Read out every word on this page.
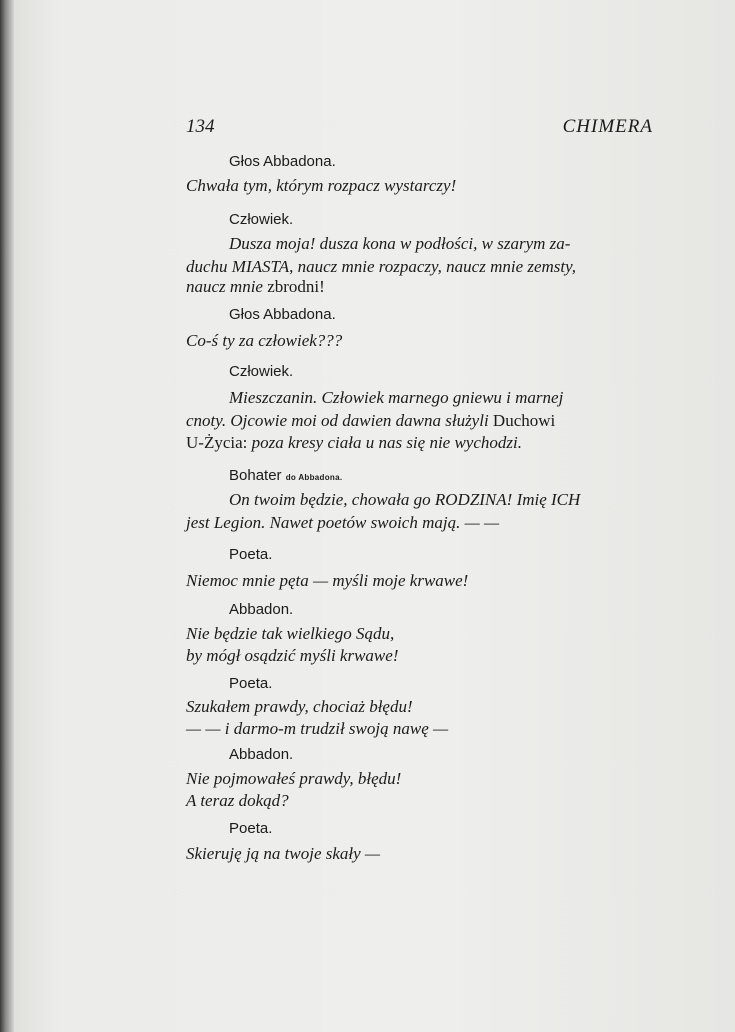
134	CHIMERA
Głos Abbadona.
Chwała tym, którym rozpacz wystarczy!
Człowiek.
Dusza moja! dusza kona w podłości, w szarym za-
duchu MIASTA, naucz mnie rozpaczy, naucz mnie zemsty,
naucz mnie zbrodni!
Głos Abbadona.
Co-ś ty za człowiek???
Człowiek.
Mieszczanin. Człowiek marnego gniewu i marnej
cnoty. Ojcowie moi od dawien dawna służyli Duchowi
U-Życia: poza kresy ciała u nas się nie wychodzi.
Bohater do Abbadona.
On twoim będzie, chowała go RODZINA! Imię ICH
jest Legion. Nawet poetów swoich mają. — —
Poeta.
Niemoc mnie pęta — myśli moje krwawe!
Abbadon.
Nie będzie tak wielkiego Sądu,
by mógł osądzić myśli krwawe!
Poeta.
Szukałem prawdy, chociaż błędu!
— — i darmo-m trudził swoją nawę —
Abbadon.
Nie pojmowałeś prawdy, błędu!
A teraz dokąd?
Poeta.
Skieruję ją na twoje skały —
